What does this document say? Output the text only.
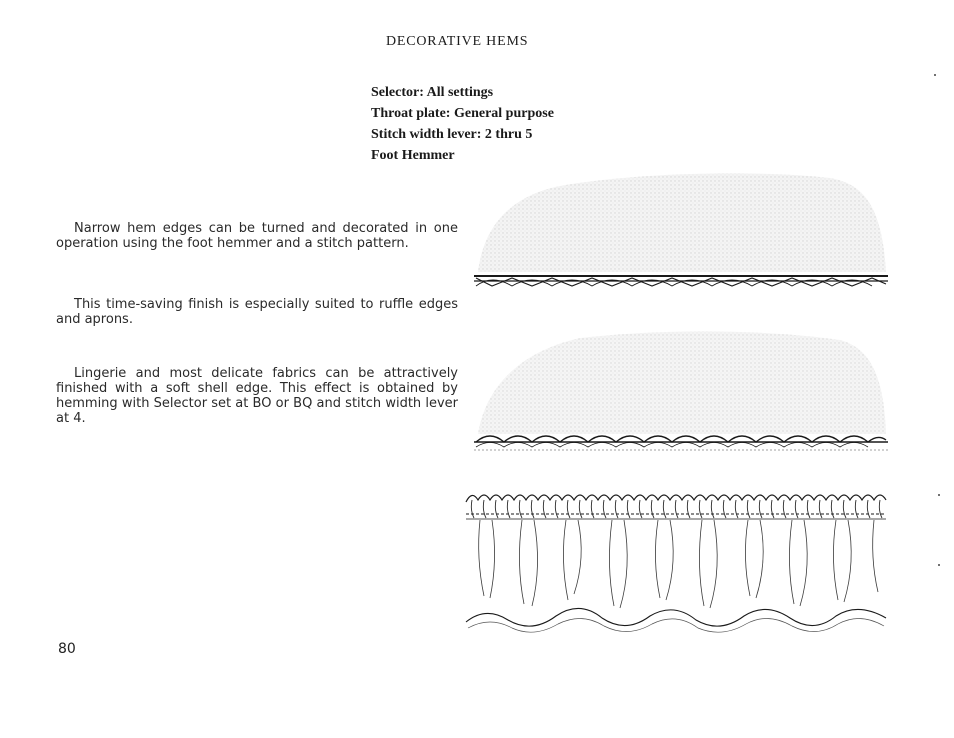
DECORATIVE HEMS
Selector: All settings
Throat plate: General purpose
Stitch width lever: 2 thru 5
Foot Hemmer

Narrow hem edges can be turned and decorated in one operation using the foot hemmer and a stitch pattern.

This time-saving finish is especially suited to ruffle edges and aprons.

Lingerie and most delicate fabrics can be attractively finished with a soft shell edge. This effect is obtained by hemming with Selector set at BO or BQ and stitch width lever at 4.

80
